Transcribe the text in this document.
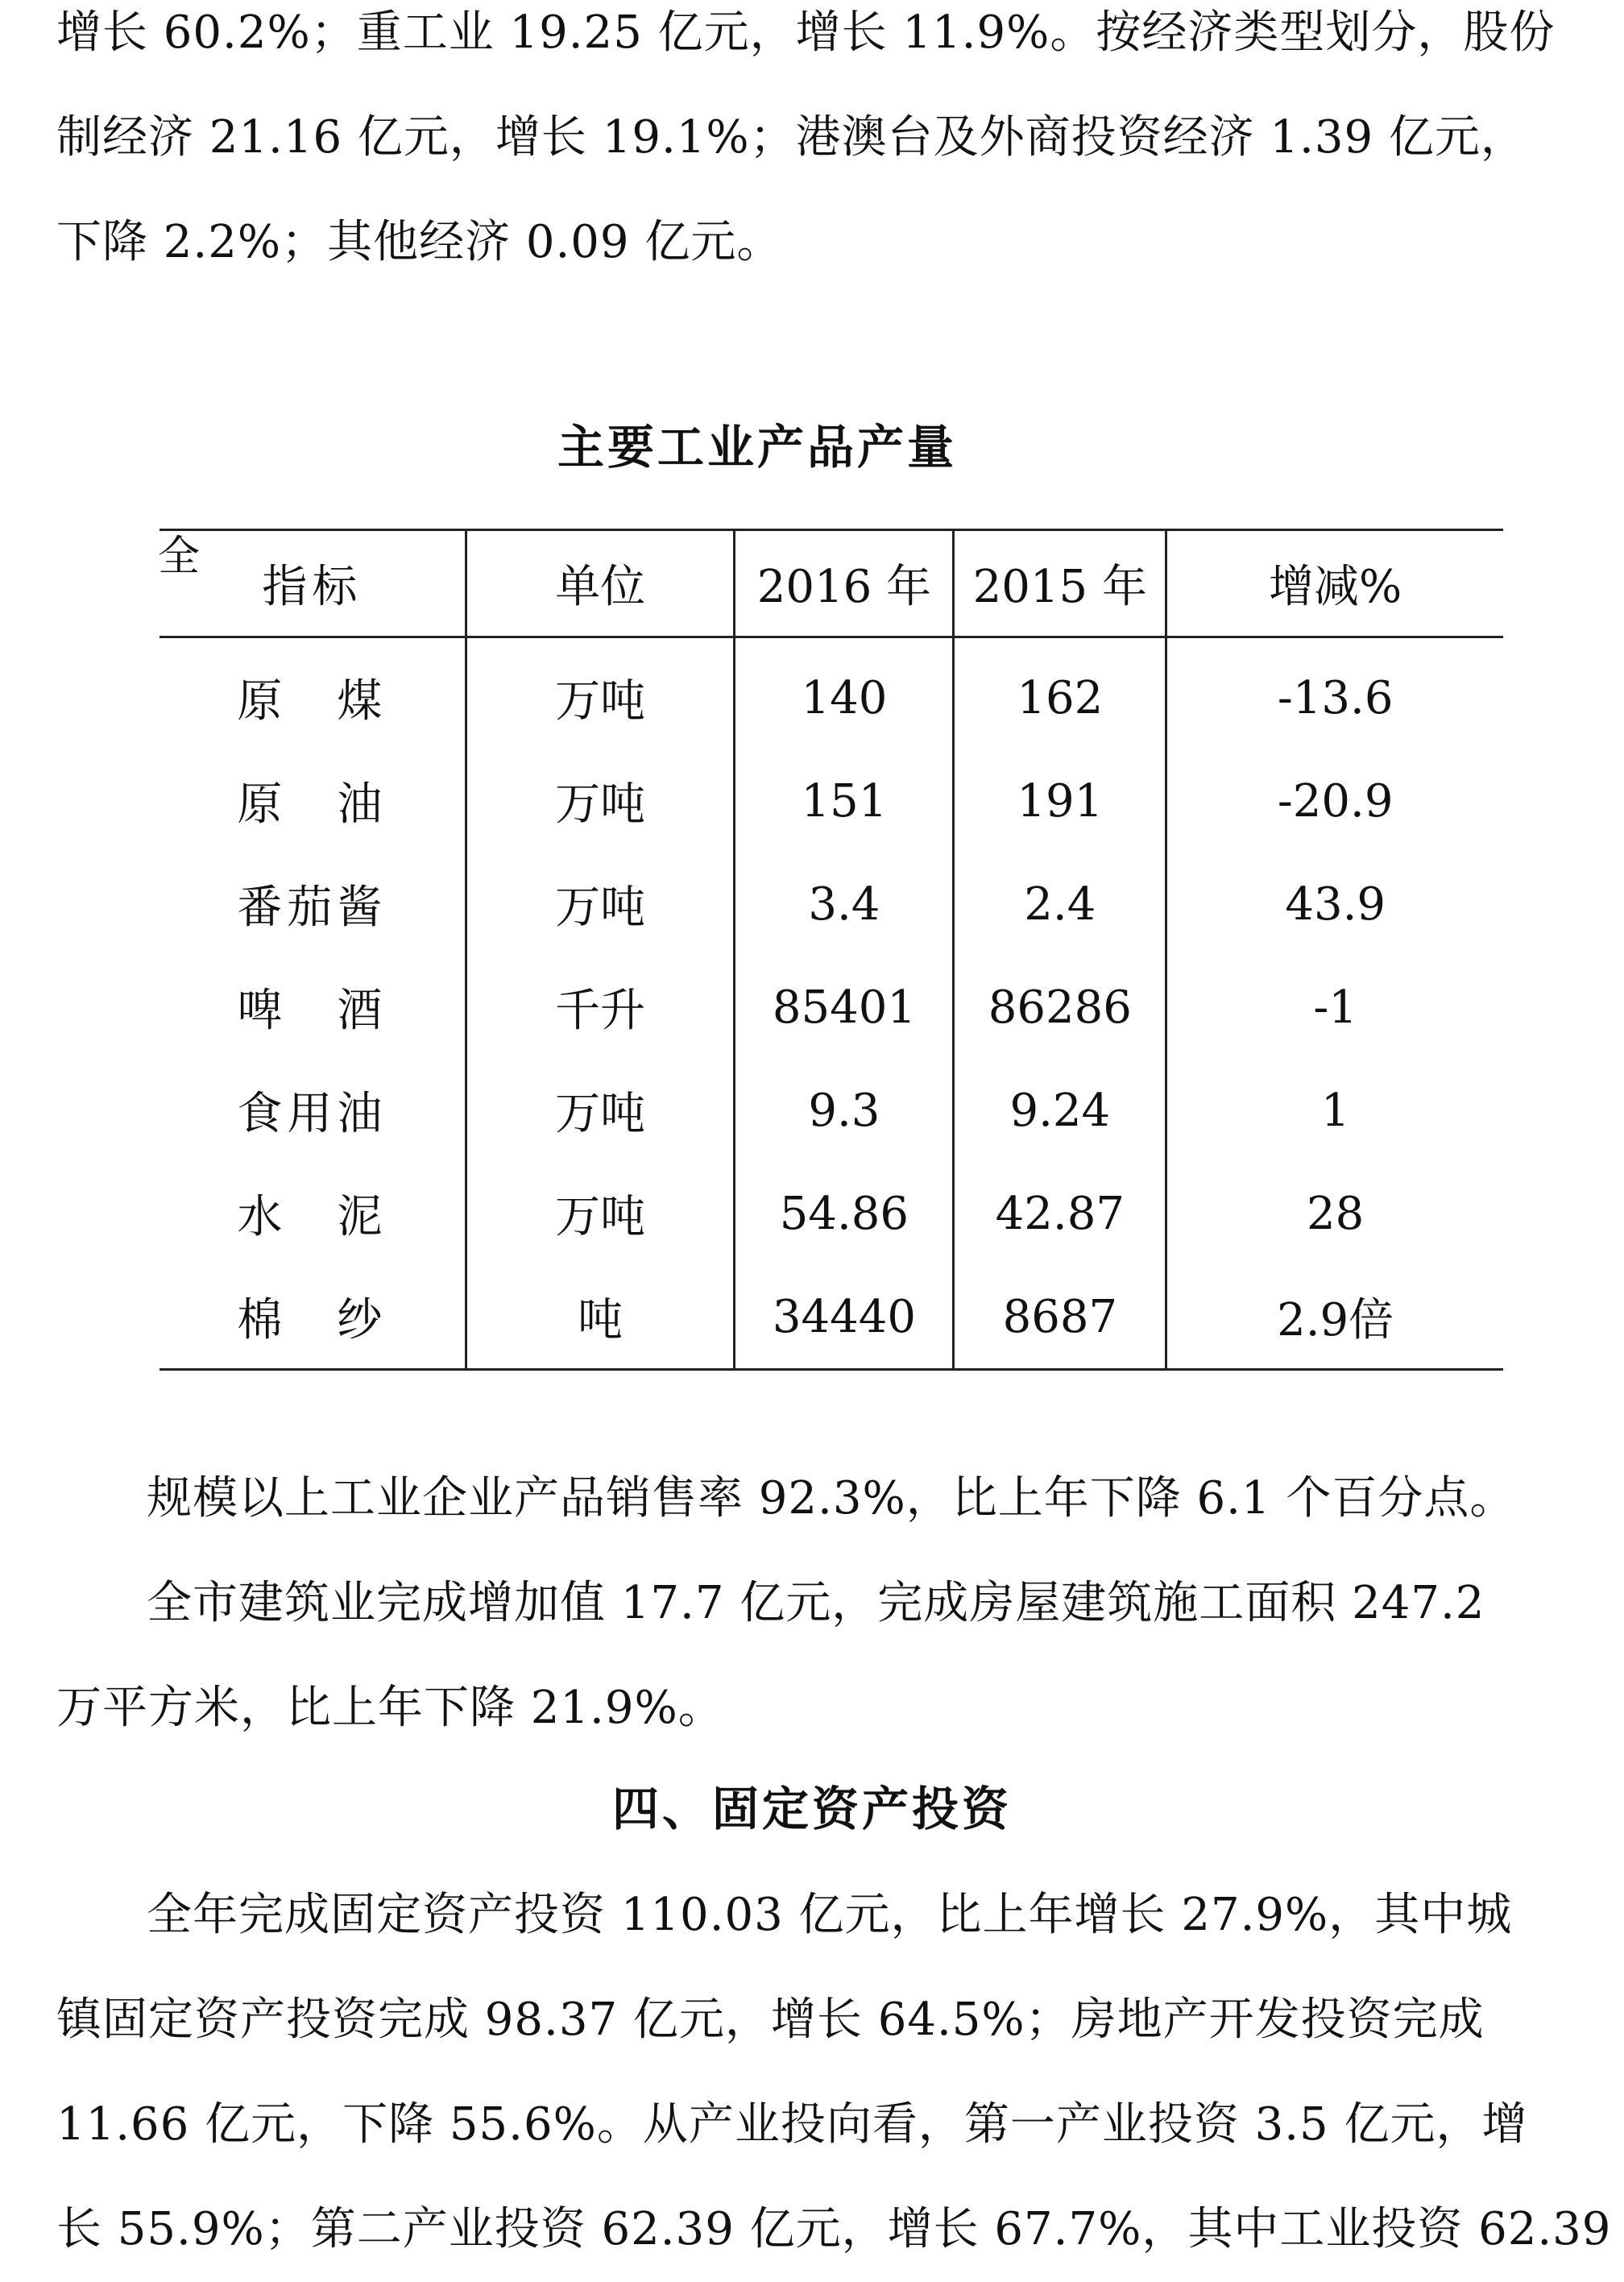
增长 60.2%；重工业 19.25 亿元，增长 11.9%。按经济类型划分，股份
制经济 21.16 亿元，增长 19.1%；港澳台及外商投资经济 1.39 亿元，
下降 2.2%；其他经济 0.09 亿元。
主要工业产品产量
指标	单位	2016 年	2015 年	增减%
原　煤	万吨	140	162	-13.6
原　油	万吨	151	191	-20.9
番茄酱	万吨	3.4	2.4	43.9
啤　酒	千升	85401	86286	-1
食用油	万吨	9.3	9.24	1
水　泥	万吨	54.86	42.87	28
棉　纱	吨	34440	8687	2.9倍
全
规模以上工业企业产品销售率 92.3%，比上年下降 6.1 个百分点。
全市建筑业完成增加值 17.7 亿元，完成房屋建筑施工面积 247.2
万平方米，比上年下降 21.9%。
四、固定资产投资
全年完成固定资产投资 110.03 亿元，比上年增长 27.9%，其中城
镇固定资产投资完成 98.37 亿元，增长 64.5%；房地产开发投资完成
11.66 亿元，下降 55.6%。从产业投向看，第一产业投资 3.5 亿元，增
长 55.9%；第二产业投资 62.39 亿元，增长 67.7%，其中工业投资 62.39
